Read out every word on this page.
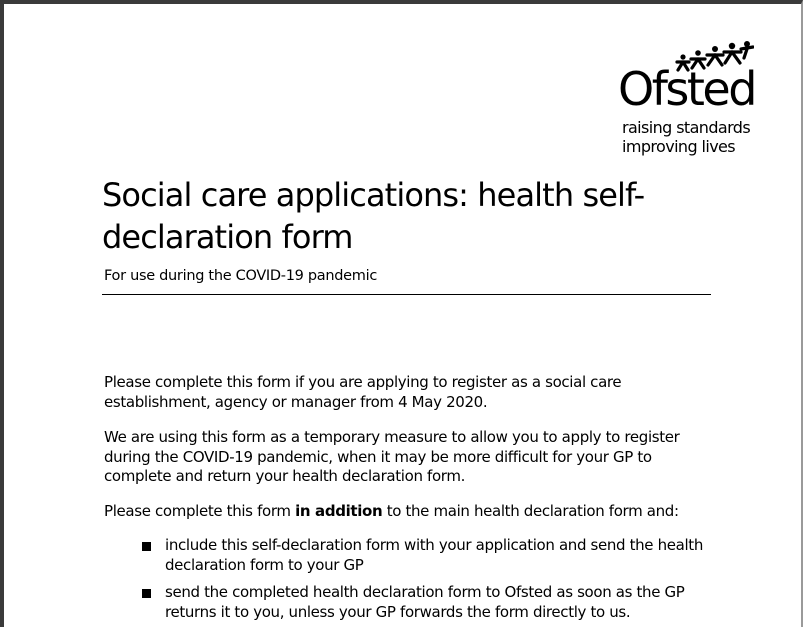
Ofsted
raising standards
improving lives
Social care applications: health self-declaration form
For use during the COVID-19 pandemic

Please complete this form if you are applying to register as a social care establishment, agency or manager from 4 May 2020.

We are using this form as a temporary measure to allow you to apply to register during the COVID-19 pandemic, when it may be more difficult for your GP to complete and return your health declaration form.

Please complete this form in addition to the main health declaration form and:

include this self-declaration form with your application and send the health declaration form to your GP
send the completed health declaration form to Ofsted as soon as the GP returns it to you, unless your GP forwards the form directly to us.
